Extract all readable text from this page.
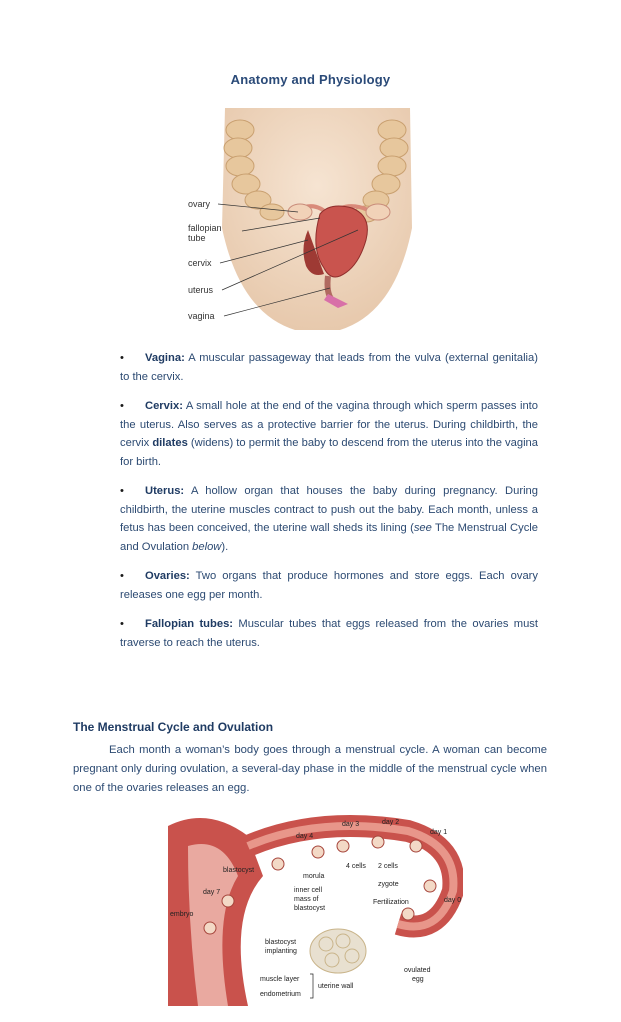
Anatomy and Physiology
ovary
fallopian
tube
cervix
uterus
vagina
• Vagina: A muscular passageway that leads from the vulva (external genitalia) to the cervix.
• Cervix: A small hole at the end of the vagina through which sperm passes into the uterus. Also serves as a protective barrier for the uterus. During childbirth, the cervix dilates (widens) to permit the baby to descend from the uterus into the vagina for birth.
• Uterus: A hollow organ that houses the baby during pregnancy. During childbirth, the uterine muscles contract to push out the baby. Each month, unless a fetus has been conceived, the uterine wall sheds its lining (see The Menstrual Cycle and Ovulation below).
• Ovaries: Two organs that produce hormones and store eggs. Each ovary releases one egg per month.
• Fallopian tubes: Muscular tubes that eggs released from the ovaries must traverse to reach the uterus.
The Menstrual Cycle and Ovulation

Each month a woman’s body goes through a menstrual cycle. A woman can become pregnant only during ovulation, a several-day phase in the middle of the menstrual cycle when one of the ovaries releases an egg.

day 3	day 2
day 1
day 4
4 cells 2 cells
zygote
morula
blastocyst
day 7	inner cell
mass of
blastocyst
Fertilization	day 0
embryo
blastocyst
implanting
ovulated
egg
muscle layer
endometrium
uterine wall
